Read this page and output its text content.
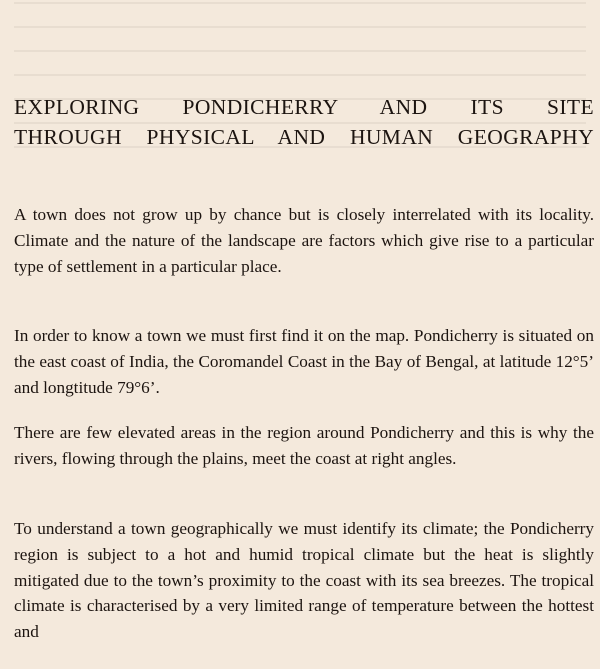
EXPLORING PONDICHERRY AND ITS SITE
THROUGH PHYSICAL AND HUMAN GEOGRAPHY

A town does not grow up by chance but is closely interrelated with its locality. Climate and the nature of the landscape are factors which give rise to a particular type of settlement in a particular place.

In order to know a town we must first find it on the map. Pondicherry is situated on the east coast of India, the Coromandel Coast in the Bay of Bengal, at latitude 12°5’ and longtitude 79°6’.

There are few elevated areas in the region around Pondicherry and this is why the rivers, flowing through the plains, meet the coast at right angles.

To understand a town geographically we must identify its climate; the Pondicherry region is subject to a hot and humid tropical climate but the heat is slightly mitigated due to the town’s proximity to the coast with its sea breezes. The tropical climate is characterised by a very limited range of temperature between the hottest and
